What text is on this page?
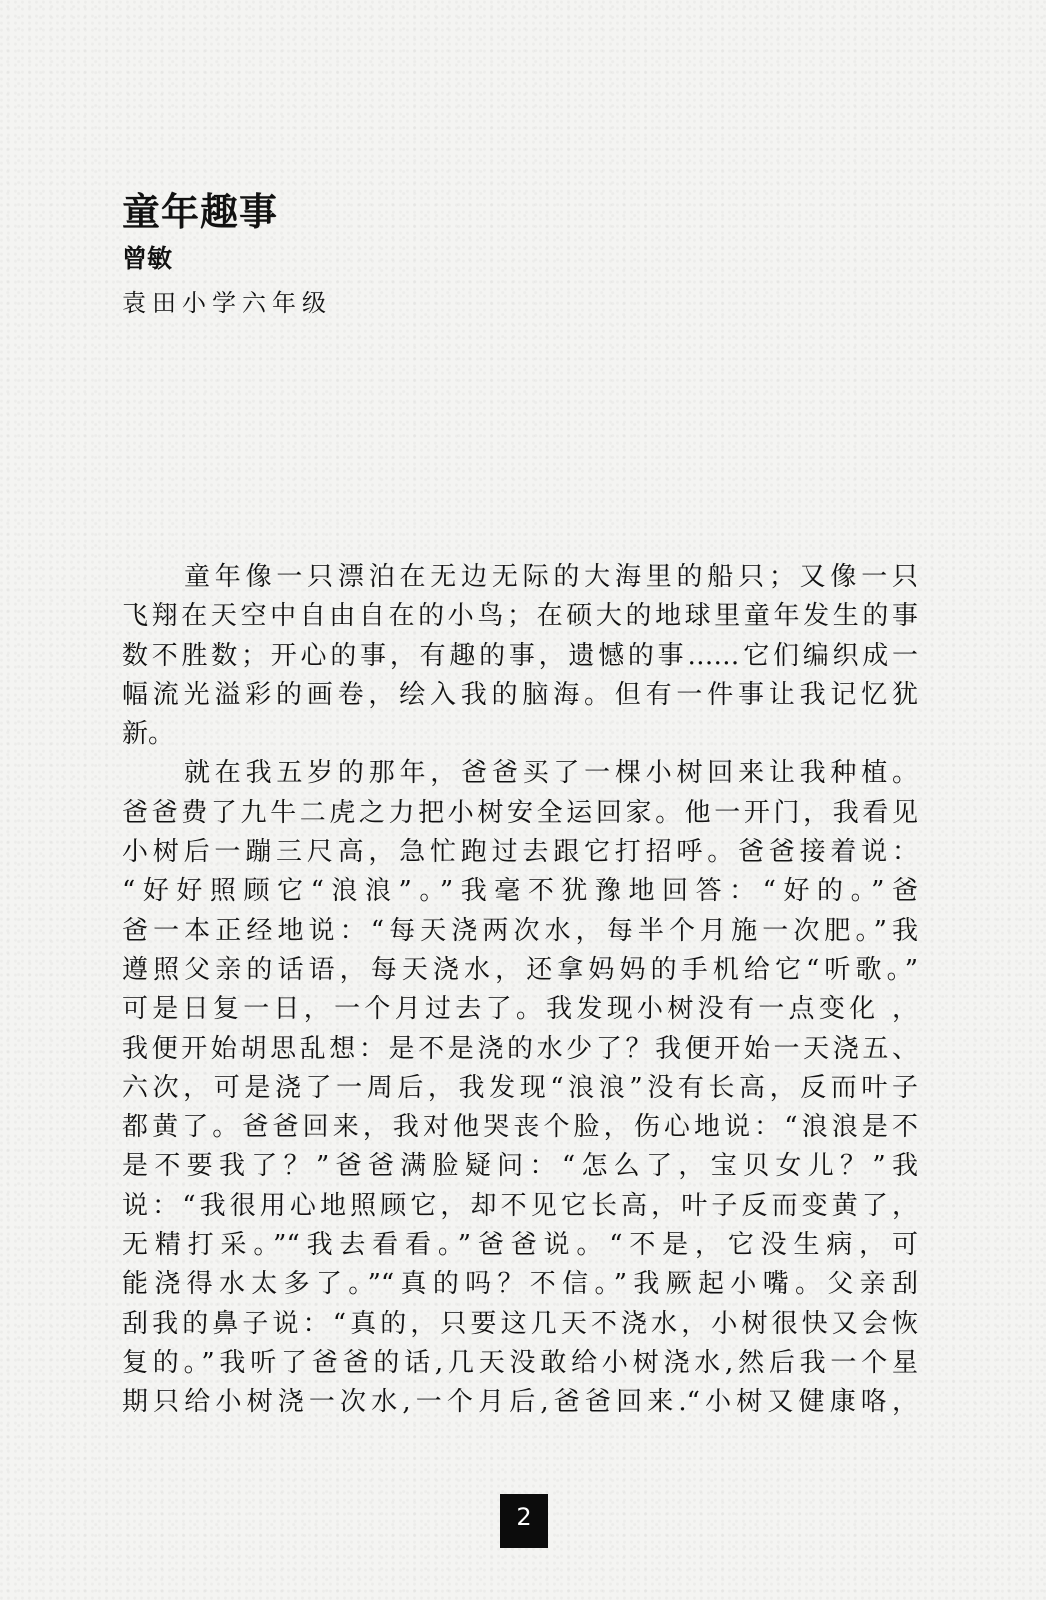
童年趣事
曾敏
袁田小学六年级
童年像一只漂泊在无边无际的大海里的船只；又像一只
飞翔在天空中自由自在的小鸟；在硕大的地球里童年发生的事
数不胜数；开心的事，有趣的事，遗憾的事……它们编织成一
幅流光溢彩的画卷，绘入我的脑海。但有一件事让我记忆犹
新。
就在我五岁的那年，爸爸买了一棵小树回来让我种植。
爸爸费了九牛二虎之力把小树安全运回家。他一开门，我看见
小树后一蹦三尺高，急忙跑过去跟它打招呼。爸爸接着说：
“好好照顾它“浪浪”。”我毫不犹豫地回答：“好的。”爸
爸一本正经地说：“每天浇两次水，每半个月施一次肥。”我
遵照父亲的话语，每天浇水，还拿妈妈的手机给它“听歌。”
可是日复一日，一个月过去了。我发现小树没有一点变化 ，
我便开始胡思乱想：是不是浇的水少了？我便开始一天浇五、
六次，可是浇了一周后，我发现“浪浪”没有长高，反而叶子
都黄了。爸爸回来，我对他哭丧个脸，伤心地说：“浪浪是不
是不要我了？”爸爸满脸疑问：“怎么了，宝贝女儿？”我
说：“我很用心地照顾它，却不见它长高，叶子反而变黄了，
无精打采。”“我去看看。”爸爸说。“不是，它没生病，可
能浇得水太多了。”“真的吗？不信。”我厥起小嘴。父亲刮
刮我的鼻子说：“真的，只要这几天不浇水，小树很快又会恢
复的。”我听了爸爸的话,几天没敢给小树浇水,然后我一个星
期只给小树浇一次水,一个月后,爸爸回来.“小树又健康咯，
2
